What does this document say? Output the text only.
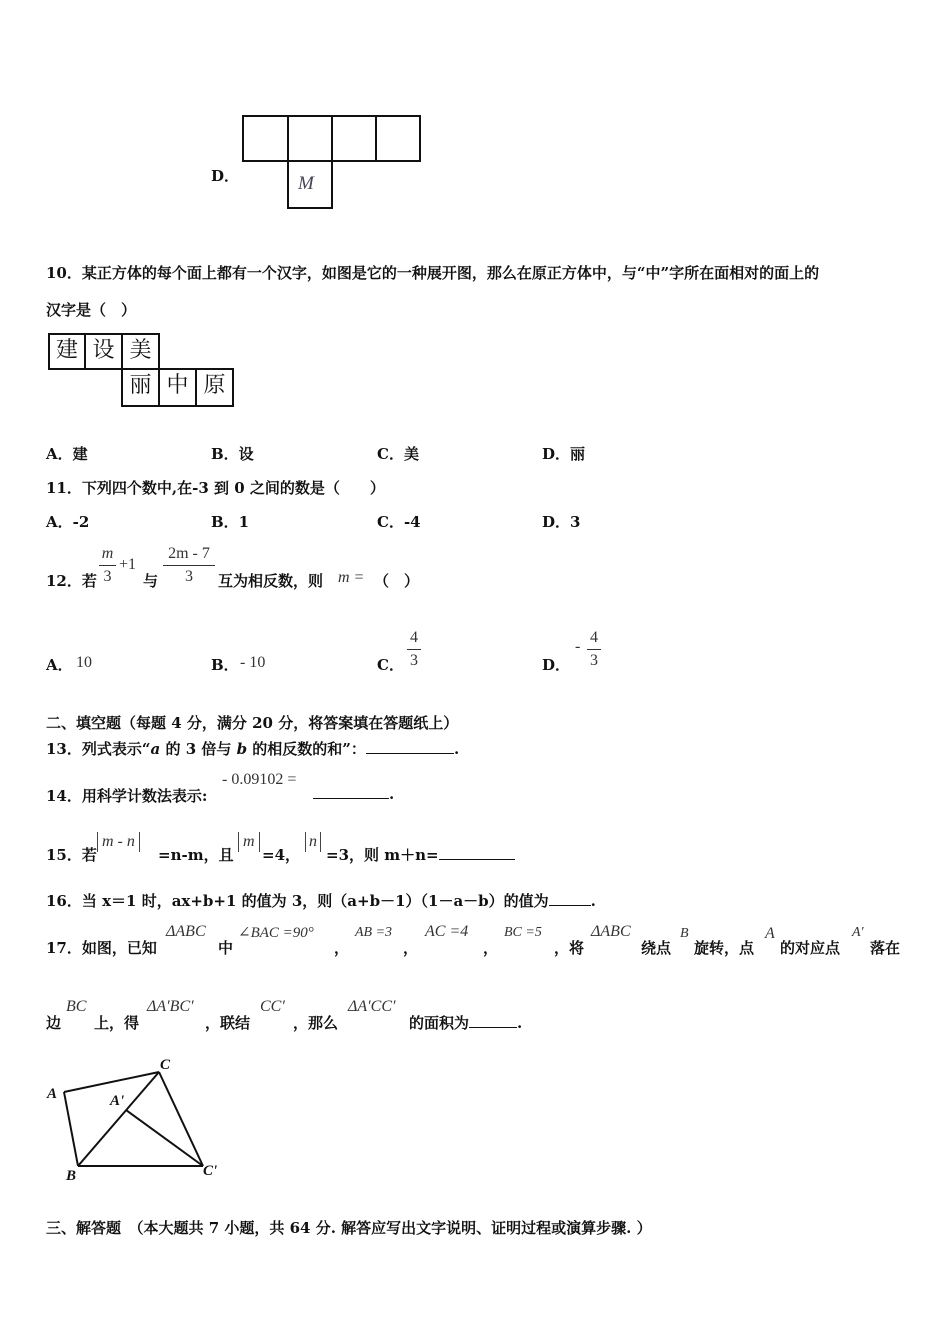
D．	M
10．某正方体的每个面上都有一个汉字，如图是它的一种展开图，那么在原正方体中，与“中”字所在面相对的面上的
汉字是（　）
建 设 美
丽 中 原
A．建	B．设	C．美	D．丽
11．下列四个数中,在-3 到 0 之间的数是（　　）
A．-2	B．1	C．-4	D．3
12．若
m
3
+1
与
2m - 7
3	互为相反数，则 m = （　）
A． 10	B． - 10	C．
4
3	D．
-
4
3
二、填空题（每题 4 分，满分 20 分，将答案填在答题纸上）
13．列式表示“a 的 3 倍与 b 的相反数的和”：	.
14．用科学计数法表示:
- 0.09102 =
.
15．若
m - n
=n-m，且
m
=4，
n
=3，则 m＋n=
16．当 x＝1 时，ax+b+1 的值为 3，则（a+b－1）（1－a－b）的值为	.
17．如图，已知
ΔABC
中
∠BAC =90°
，
AB =3
，
AC =4
，
BC =5
，将
ΔABC
绕点
B
旋转，点
A
的对应点
A′
落在
边
BC
上，得
ΔA′BC′
，联结
CC′
，那么
ΔA′CC′
的面积为	.
A	A'
C
B	C'
三、解答题　（本大题共 7 小题，共 64 分. 解答应写出文字说明、证明过程或演算步骤. ）
